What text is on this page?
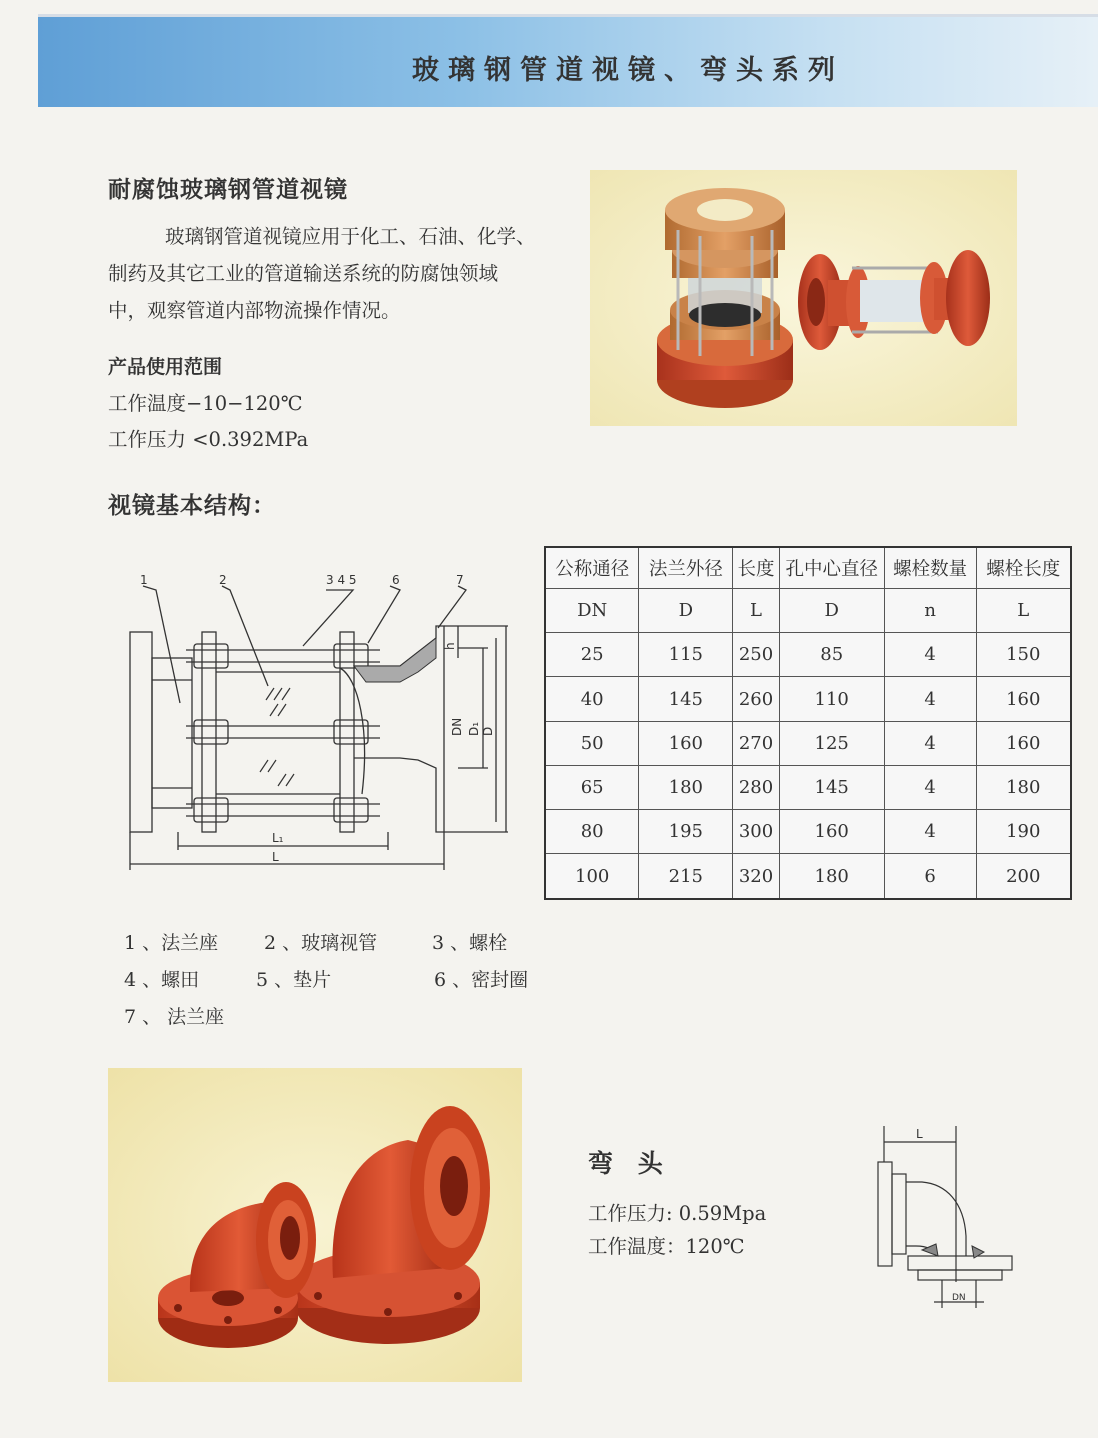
玻璃钢管道视镜、弯头系列
耐腐蚀玻璃钢管道视镜
玻璃钢管道视镜应用于化工、石油、化学、
制药及其它工业的管道输送系统的防腐蚀领域
中，观察管道内部物流操作情况。
产品使用范围
工作温度−10−120℃
工作压力 <0.392MPa
视镜基本结构：
1	2	3 4 5	6	7
L₁
L
DN D₁ D
h
公称通径	法兰外径	长度	孔中心直径	螺栓数量	螺栓长度
DN	D	L	D	n	L
25	115	250	85	4	150
40	145	260	110	4	160
50	160	270	125	4	160
65	180	280	145	4	180
80	195	300	160	4	190
100	215	320	180	6	200
1 、法兰座 2 、玻璃视管	3 、螺栓
4 、螺田	5 、垫片	6 、密封圈
7 、 法兰座
弯 头
工作压力: 0.59Mpa
工作温度：120℃
L
DN
